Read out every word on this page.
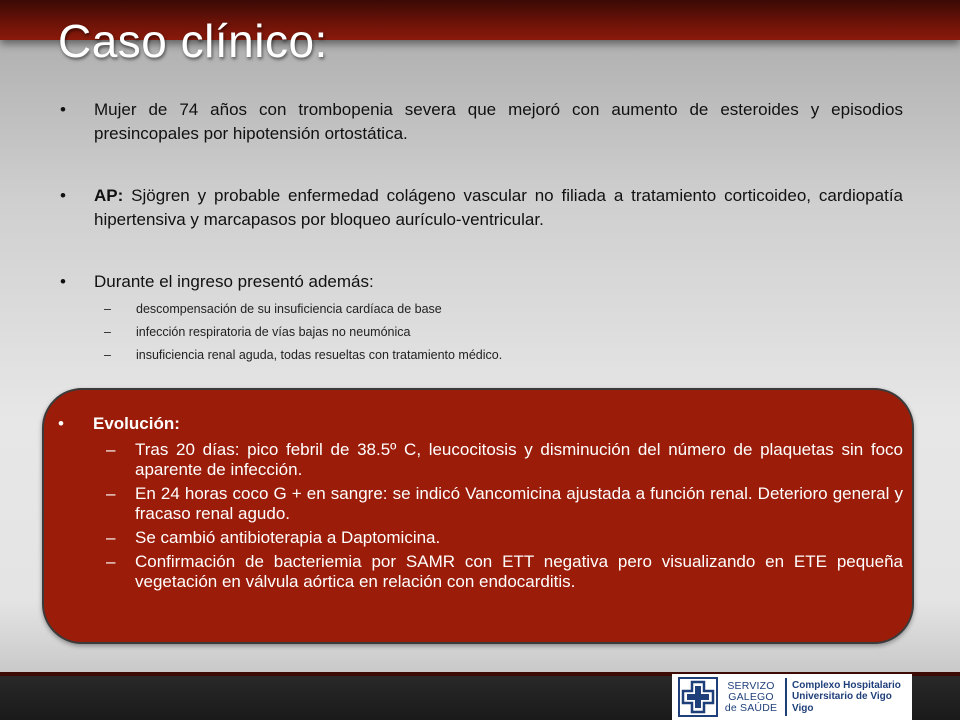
Caso clínico:
• Mujer de 74 años con trombopenia severa que mejoró con aumento de esteroides y episodios presincopales por hipotensión ortostática.
• AP: Sjögren y probable enfermedad colágeno vascular no filiada a tratamiento corticoideo, cardiopatía hipertensiva y marcapasos por bloqueo aurículo-ventricular.
• Durante el ingreso presentó además:
– descompensación de su insuficiencia cardíaca de base
– infección respiratoria de vías bajas no neumónica
– insuficiencia renal aguda, todas resueltas con tratamiento médico.
• Evolución:
– Tras 20 días: pico febril de 38.5º C, leucocitosis y disminución del número de plaquetas sin foco aparente de infección.
– En 24 horas coco G + en sangre: se indicó Vancomicina ajustada a función renal. Deterioro general y fracaso renal agudo.
– Se cambió antibioterapia a Daptomicina.
– Confirmación de bacteriemia por SAMR con ETT negativa pero visualizando en ETE pequeña vegetación en válvula aórtica en relación con endocarditis.
SERVIZO
GALEGO
de SAÚDE
Complexo Hospitalario
Universitario de Vigo
Vigo
